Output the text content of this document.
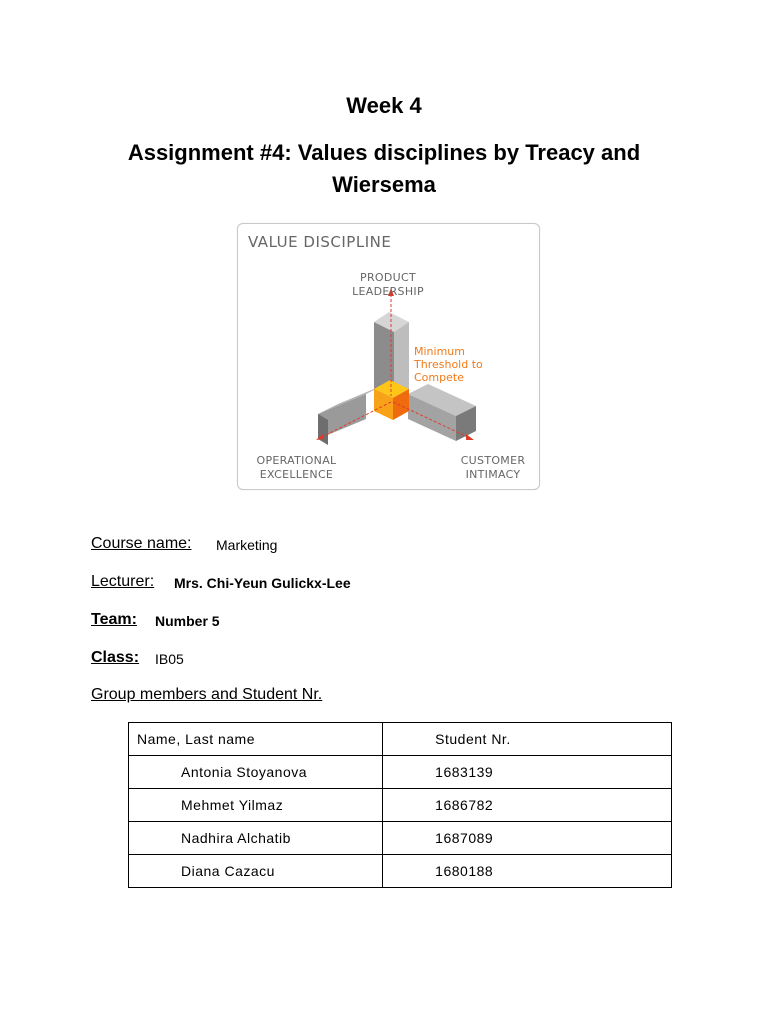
Week 4
Assignment #4: Values disciplines by Treacy and Wiersema
VALUE DISCIPLINE
PRODUCT LEADERSHIP
Minimum Threshold to Compete
OPERATIONAL EXCELLENCE
CUSTOMER INTIMACY
Course name: Marketing
Lecturer: Mrs. Chi-Yeun Gulickx-Lee
Team: Number 5
Class: IB05
Group members and Student Nr.
Name, Last name	Student Nr.
Antonia Stoyanova	1683139
Mehmet Yilmaz	1686782
Nadhira Alchatib	1687089
Diana Cazacu	1680188
